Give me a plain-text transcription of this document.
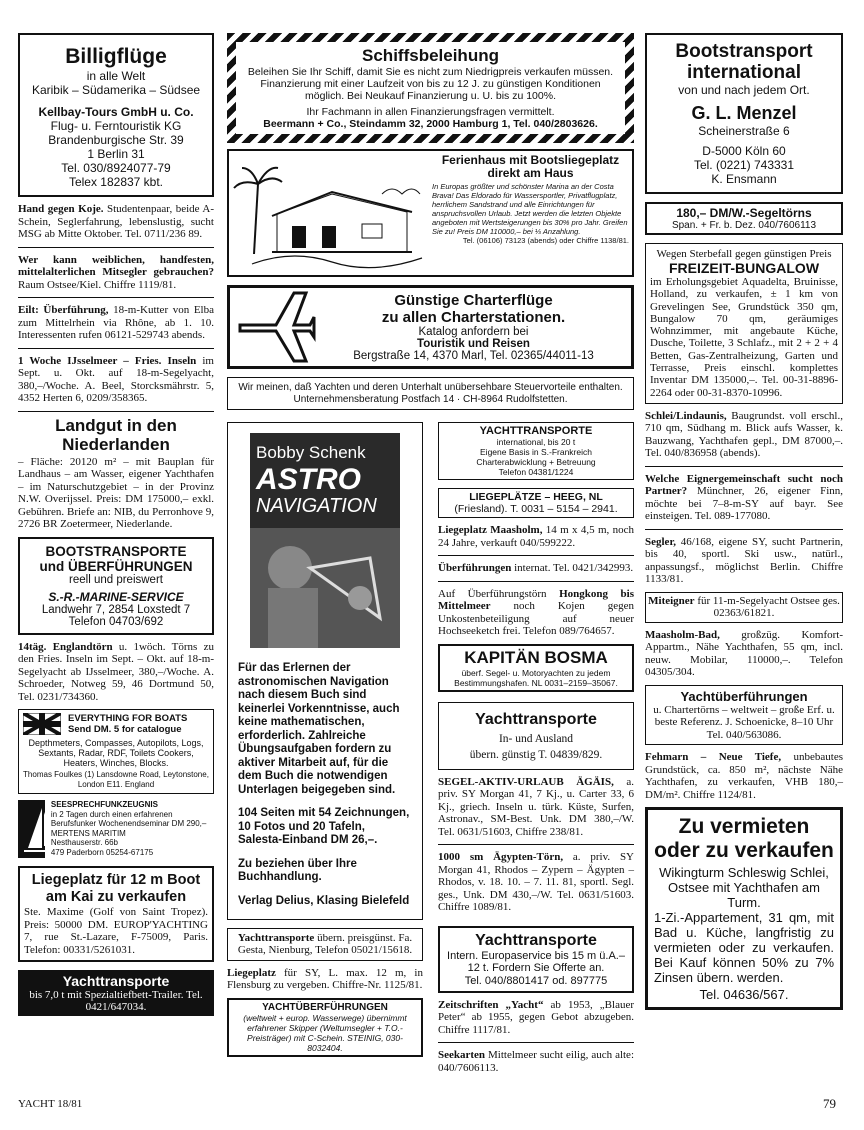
Billigflüge
in alle Welt
Karibik – Südamerika – Südsee
Kellbay-Tours GmbH u. Co.
Flug- u. Ferntouristik KG
Brandenburgische Str. 39
1 Berlin 31
Tel. 030/8924077-79
Telex 182837 kbt.

Hand gegen Koje. Studentenpaar, beide A-Schein, Seglerfahrung, lebenslustig, sucht MSG ab Mitte Oktober. Tel. 0711/236 89.

Wer kann weiblichen, handfesten, mittelalterlichen Mitsegler gebrauchen? Raum Ostsee/Kiel. Chiffre 1119/81.

Eilt: Überführung, 18-m-Kutter von Elba zum Mittelrhein via Rhône, ab 1. 10. Interessenten rufen 06121-529743 abends.

1 Woche IJsselmeer – Fries. Inseln im Sept. u. Okt. auf 18-m-Segelyacht, 380,–/Woche. A. Beel, Storcksmährstr. 5, 4352 Herten 6, 0209/358365.

Landgut in den Niederlanden

– Fläche: 20120 m² – mit Bauplan für Landhaus – am Wasser, eigener Yachthafen – im Naturschutzgebiet – in der Provinz N.W. Overijssel. Preis: DM 175000,– exkl. Gebühren. Briefe an: NIB, du Perronhove 9, 2726 BR Zoetermeer, Niederlande.

BOOTSTRANSPORTE
und ÜBERFÜHRUNGEN
reell und preiswert
S.-R.-MARINE-SERVICE
Landwehr 7, 2854 Loxstedt 7
Telefon 04703/692

14täg. Englandtörn u. 1wöch. Törns zu den Fries. Inseln im Sept. – Okt. auf 18-m-Segelyacht ab IJsselmeer, 380,–/Woche. A. Schroeder, Notweg 59, 46 Dortmund 50, Tel. 0231/734360.

EVERYTHING FOR BOATS
Send DM. 5 for catalogue
Depthmeters, Compasses, Autopilots, Logs, Sextants, Radar, RDF, Toilets Cookers, Heaters, Winches, Blocks.
Thomas Foulkes (1) Lansdowne Road, Leytonstone, London E11. England
SEESPRECHFUNKZEUGNIS
in 2 Tagen durch einen erfahrenen Berufsfunker Wochenendseminar DM 290,–
MERTENS MARITIM
Nesthauserstr. 66b
479 Paderborn 05254-67175
Liegeplatz für 12 m Boot am Kai zu verkaufen

Ste. Maxime (Golf von Saint Tropez). Preis: 50000 DM. EUROP'YACHTING 7, rue St.-Lazare, F-75009, Paris. Telefon: 00331/5261031.

Yachttransporte
bis 7,0 t mit Spezialtiefbett-Trailer. Tel. 0421/647034.
Schiffsbeleihung
Beleihen Sie Ihr Schiff, damit Sie es nicht zum Niedrigpreis verkaufen müssen. Finanzierung mit einer Laufzeit von bis zu 12 J. zu günstigen Konditionen möglich. Bei Neukauf Finanzierung u. U. bis zu 100%.
Ihr Fachmann in allen Finanzierungsfragen vermittelt.
Beermann + Co., Steindamm 32, 2000 Hamburg 1, Tel. 040/2803626.
Ferienhaus mit Bootsliegeplatz direkt am Haus
In Europas größter und schönster Marina an der Costa Brava! Das Eldorado für Wassersportler, Privatflugplatz, herrlichem Sandstrand und alle Einrichtungen für anspruchsvollen Urlaub. Jetzt werden die letzten Objekte angeboten mit Wertsteigerungen bis 30% pro Jahr. Greifen Sie zu! Preis DM 110000,– bei ⅓ Anzahlung.
Tel. (06106) 73123 (abends) oder Chiffre 1138/81.
Günstige Charterflüge
zu allen Charterstationen.
Katalog anfordern bei
Touristik und Reisen
Bergstraße 14, 4370 Marl, Tel. 02365/44011-13
Wir meinen, daß Yachten und deren Unterhalt unübersehbare Steuervorteile enthalten.
Unternehmensberatung Postfach 14 · CH-8964 Rudolfstetten.
Bobby Schenk
ASTRO
NAVIGATION

Für das Erlernen der astronomischen Navigation nach diesem Buch sind keinerlei Vorkenntnisse, auch keine mathematischen, erforderlich. Zahlreiche Übungsaufgaben fordern zu aktiver Mitarbeit auf, für die dem Buch die notwendigen Unterlagen beigegeben sind.

104 Seiten mit 54 Zeichnungen, 10 Fotos und 20 Tafeln, Salesta-Einband DM 26,–.

Zu beziehen über Ihre Buchhandlung.

Verlag Delius, Klasing Bielefeld

YACHTTRANSPORTE
international, bis 20 t
Eigene Basis in S.-Frankreich
Charterabwicklung + Betreuung
Telefon 04381/1224
LIEGEPLÄTZE – HEEG, NL
(Friesland). T. 0031 – 5154 – 2941.

Liegeplatz Maasholm, 14 m x 4,5 m, noch 24 Jahre, verkauft 040/599222.

Überführungen internat. Tel. 0421/342993.

Auf Überführungstörn Hongkong bis Mittelmeer noch Kojen gegen Unkostenbeteiligung auf neuer Hochseeketch frei. Telefon 089/764657.

KAPITÄN BOSMA
überf. Segel- u. Motoryachten zu jedem Bestimmungshafen. NL 0031–2159–35067.
Yachttransporte
In- und Ausland
übern. günstig T. 04839/829.

SEGEL-AKTIV-URLAUB ÄGÄIS, a. priv. SY Morgan 41, 7 Kj., u. Carter 33, 6 Kj., griech. Inseln u. türk. Küste, Surfen, Astronav., SM-Best. Unk. DM 380,–/W. Tel. 0631/51603, Chiffre 238/81.

1000 sm Ägypten-Törn, a. priv. SY Morgan 41, Rhodos – Zypern – Ägypten – Rhodos, v. 18. 10. – 7. 11. 81, sportl. Segl. ges., Unk. DM 430,–/W. Tel. 0631/51603. Chiffre 1089/81.

Yachttransporte übern. preisgünst. Fa. Gesta, Nienburg, Telefon 05021/15618.

Liegeplatz für SY, L. max. 12 m, in Flensburg zu vergeben. Chiffre-Nr. 1125/81.

YACHTÜBERFÜHRUNGEN
(weltweit + europ. Wasserwege) übernimmt erfahrener Skipper (Weltumsegler + T.O.-Preisträger) mit C-Schein. STEINIG, 030-8032404.
Yachttransporte
Intern. Europaservice bis 15 m ü.A.–12 t. Fordern Sie Offerte an.
Tel. 040/8801417 od. 897775

Zeitschriften „Yacht“ ab 1953, „Blauer Peter“ ab 1955, gegen Gebot abzugeben. Chiffre 1117/81.

Seekarten Mittelmeer sucht eilig, auch alte: 040/7606113.

Bootstransport international
von und nach jedem Ort.
G. L. Menzel
Scheinerstraße 6
D-5000 Köln 60
Tel. (0221) 743331
K. Ensmann
180,– DM/W.-Segeltörns
Span. + Fr. b. Dez. 040/7606113
Wegen Sterbefall gegen günstigen Preis
FREIZEIT-BUNGALOW

im Erholungsgebiet Aquadelta, Bruinisse, Holland, zu verkaufen, ± 1 km von Grevelingen See, Grundstück 350 qm, Bungalow 70 qm, geräumiges Wohnzimmer, mit angebaute Küche, Dusche, Toilette, 3 Schlafz., mit 2 + 2 + 4 Betten, Gas-Zentralheizung, Garten und Terrasse, Preis einschl. komplettes Inventar DM 135000,–. Tel. 00-31-8896-2264 oder 00-31-8370-10996.

Schlei/Lindaunis, Baugrundst. voll erschl., 710 qm, Südhang m. Blick aufs Wasser, k. Bauzwang, Yachthafen gepl., DM 87000,–. Tel. 040/836958 (abends).

Welche Eignergemeinschaft sucht noch Partner? Münchner, 26, eigener Finn, möchte bei 7–8-m-SY auf bayr. See einsteigen. Tel. 089-177080.

Segler, 46/168, eigene SY, sucht Partnerin, bis 40, sportl. Ski usw., natürl., anpassungsf., möglichst Berlin. Chiffre 1133/81.

Miteigner für 11-m-Segelyacht Ostsee ges. 02363/61821.

Maasholm-Bad, großzüg. Komfort-Appartm., Nähe Yachthafen, 55 qm, incl. neuw. Mobilar, 110000,–. Telefon 04305/304.

Yachtüberführungen
u. Chartertörns – weltweit – große Erf. u. beste Referenz. J. Schoenicke, 8–10 Uhr Tel. 040/563086.

Fehmarn – Neue Tiefe, unbebautes Grundstück, ca. 850 m², nächste Nähe Yachthafen, zu verkaufen, VHB 180,– DM/m². Chiffre 1124/81.

Zu vermieten oder zu verkaufen
Wikingturm Schleswig Schlei, Ostsee mit Yachthafen am Turm.
1-Zi.-Appartement, 31 qm, mit Bad u. Küche, langfristig zu vermieten oder zu verkaufen. Bei Kauf können 50% zu 7% Zinsen übern. werden.
Tel. 04636/567.
YACHT 18/81	79
